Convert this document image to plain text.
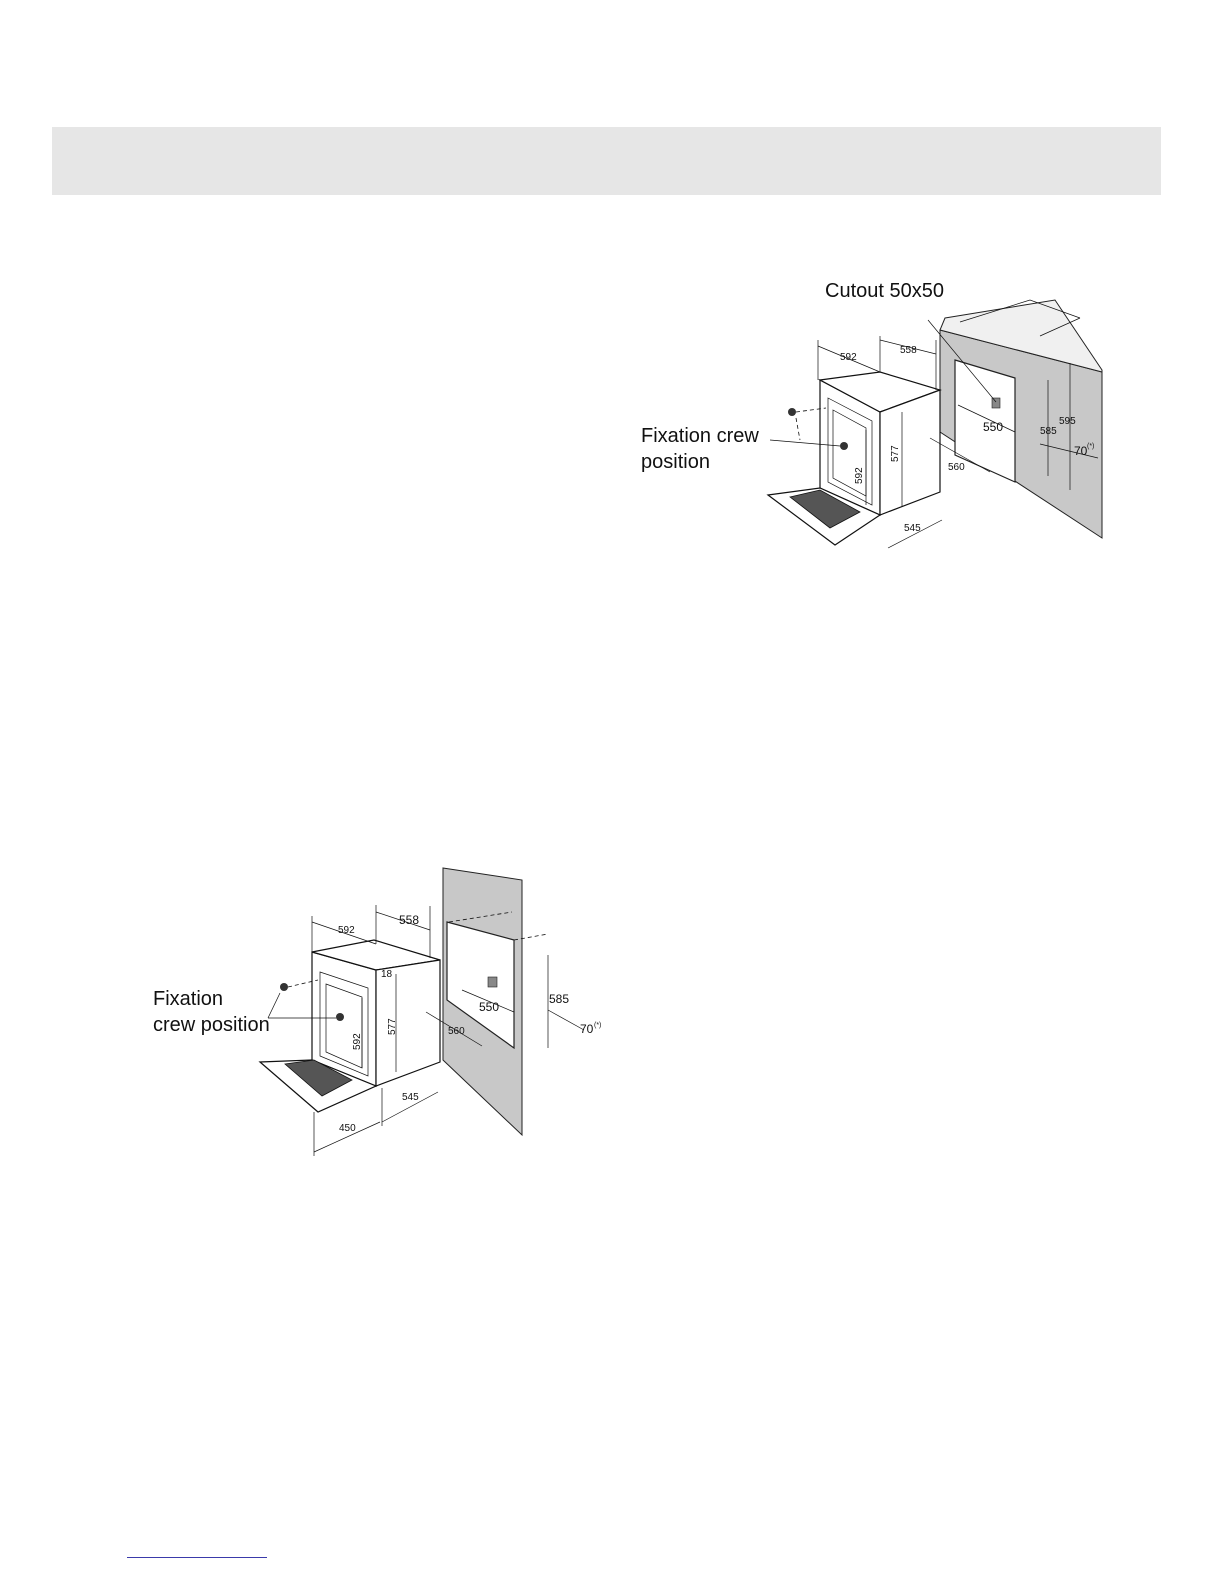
Cutout 50x50
Fixation crew
position
592
558
577
592
550	585
595
560
545
70 (*)
Fixation
crew position
592
558
18
577
592
550
585
560
545
450
70 (*)
